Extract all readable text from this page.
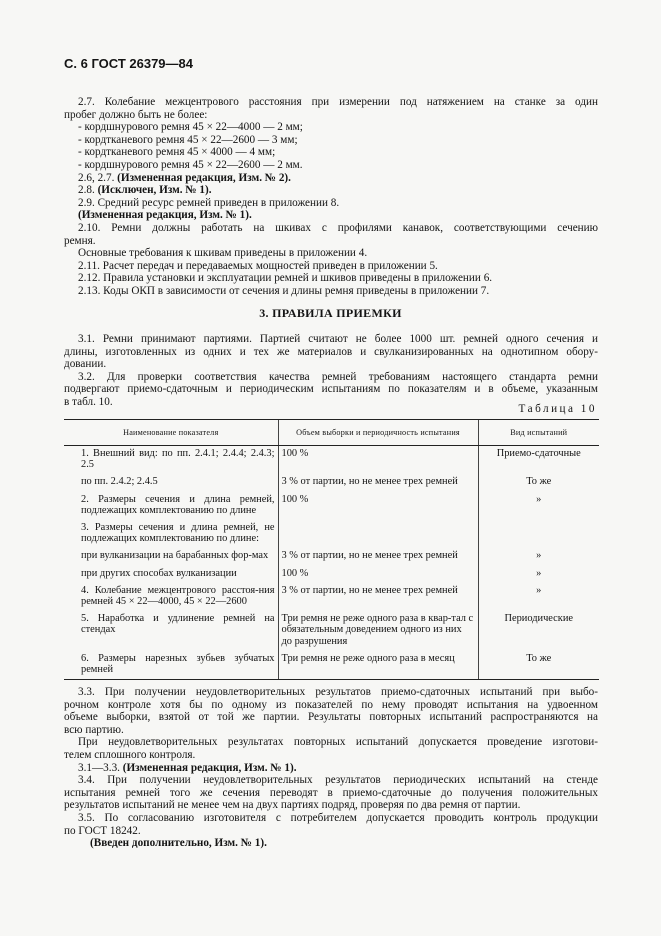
С. 6 ГОСТ 26379—84
2.7. Колебание межцентрового расстояния при измерении под натяжением на станке за один
пробег должно быть не более:
- кордшнурового ремня 45 × 22—4000 — 2 мм;
- кордтканевого ремня 45 × 22—2600 — 3 мм;
- кордтканевого ремня 45 × 4000 — 4 мм;
- кордшнурового ремня 45 × 22—2600 — 2 мм.
2.6, 2.7. (Измененная редакция, Изм. № 2).
2.8. (Исключен, Изм. № 1).
2.9. Средний ресурс ремней приведен в приложении 8.
(Измененная редакция, Изм. № 1).
2.10. Ремни должны работать на шкивах с профилями канавок, соответствующими сечению
ремня.
Основные требования к шкивам приведены в приложении 4.
2.11. Расчет передач и передаваемых мощностей приведен в приложении 5.
2.12. Правила установки и эксплуатации ремней и шкивов приведены в приложении 6.
2.13. Коды ОКП в зависимости от сечения и длины ремня приведены в приложении 7.
3. ПРАВИЛА ПРИЕМКИ
3.1. Ремни принимают партиями. Партией считают не более 1000 шт. ремней одного сечения и
длины, изготовленных из одних и тех же материалов и свулканизированных на однотипном обору-
довании.
3.2. Для проверки соответствия качества ремней требованиям настоящего стандарта ремни
подвергают приемо-сдаточным и периодическим испытаниям по показателям и в объеме, указанным
в табл. 10.
Таблица 10
Наименование показателя	Объем выборки и периодичность испытания	Вид испытаний

1. Внешний вид: по пп. 2.4.1; 2.4.4; 2.4.3; 2.5	100 %	Приемо-сдаточные

по пп. 2.4.2; 2.4.5	3 % от партии, но не менее трех ремней	То же

2. Размеры сечения и длина ремней, подлежащих комплектованию по длине	100 %	»

3. Размеры сечения и длина ремней, не подлежащих комплектованию по длине:		

при вулканизации на барабанных фор-мах	3 % от партии, но не менее трех ремней	»

при других способах вулканизации	100 %	»

4. Колебание межцентрового расстоя-ния ремней 45 × 22—4000, 45 × 22—2600	3 % от партии, но не менее трех ремней	»

5. Наработка и удлинение ремней на стендах	Три ремня не реже одного раза в квар-тал с обязательным доведением одного из них до разрушения	Периодические

6. Размеры нарезных зубьев зубчатых ремней	Три ремня не реже одного раза в месяц	То же
3.3. При получении неудовлетворительных результатов приемо-сдаточных испытаний при выбо-
рочном контроле хотя бы по одному из показателей по нему проводят испытания на удвоенном
объеме выборки, взятой от той же партии. Результаты повторных испытаний распространяются на
всю партию.
При неудовлетворительных результатах повторных испытаний допускается проведение изготови-
телем сплошного контроля.
3.1—3.3. (Измененная редакция, Изм. № 1).
3.4. При получении неудовлетворительных результатов периодических испытаний на стенде
испытания ремней того же сечения переводят в приемо-сдаточные до получения положительных
результатов испытаний не менее чем на двух партиях подряд, проверяя по два ремня от партии.
3.5. По согласованию изготовителя с потребителем допускается проводить контроль продукции
по ГОСТ 18242.
(Введен дополнительно, Изм. № 1).
